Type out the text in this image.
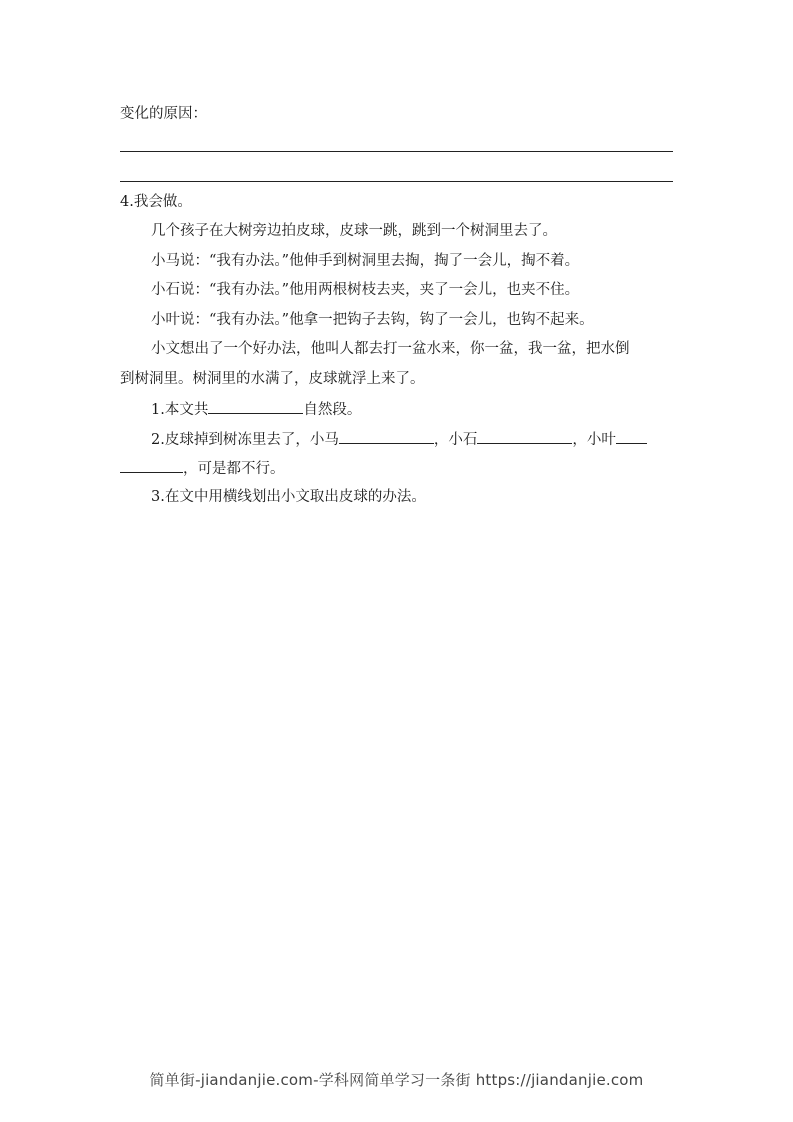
变化的原因：
4.我会做。
几个孩子在大树旁边拍皮球，皮球一跳，跳到一个树洞里去了。
小马说：“我有办法。”他伸手到树洞里去掏，掏了一会儿，掏不着。
小石说：“我有办法。”他用两根树枝去夹，夹了一会儿，也夹不住。
小叶说：“我有办法。”他拿一把钩子去钩，钩了一会儿，也钩不起来。
小文想出了一个好办法，他叫人都去打一盆水来，你一盆，我一盆，把水倒
到树洞里。树洞里的水满了，皮球就浮上来了。
1.本文共	自然段。
2.皮球掉到树冻里去了，小马	，小石	，小叶
，可是都不行。
3.在文中用横线划出小文取出皮球的办法。
简单街-jiandanjie.com-学科网简单学习一条街 https://jiandanjie.com
